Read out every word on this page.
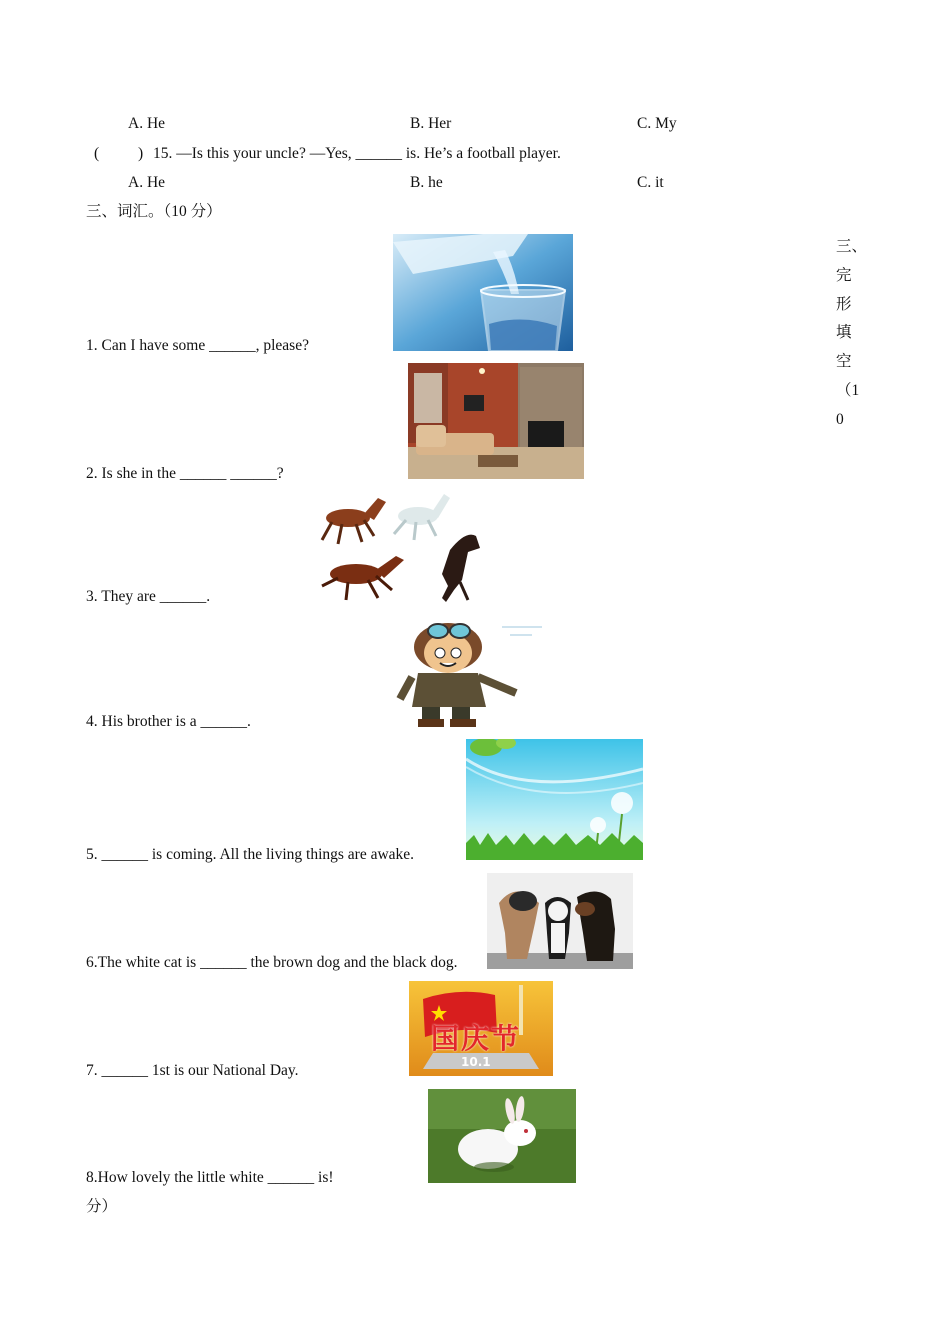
A. He	B. Her	C. My
(	) 15. —Is this your uncle? —Yes, ______ is. He’s a football player.
A. He	B. he	C. it
三、词汇。（10 分）
三、
完
形
填
空
（1
0
1. Can I have some ______, please?
2. Is she in the ______ ______?
3. They are ______.
4. His brother is a ______.
5. ______ is coming. All the living things are awake.
6.The white cat is ______ the brown dog and the black dog.
国庆节
10.1
7. ______ 1st is our National Day.
8.How lovely the little white ______ is!
分）
